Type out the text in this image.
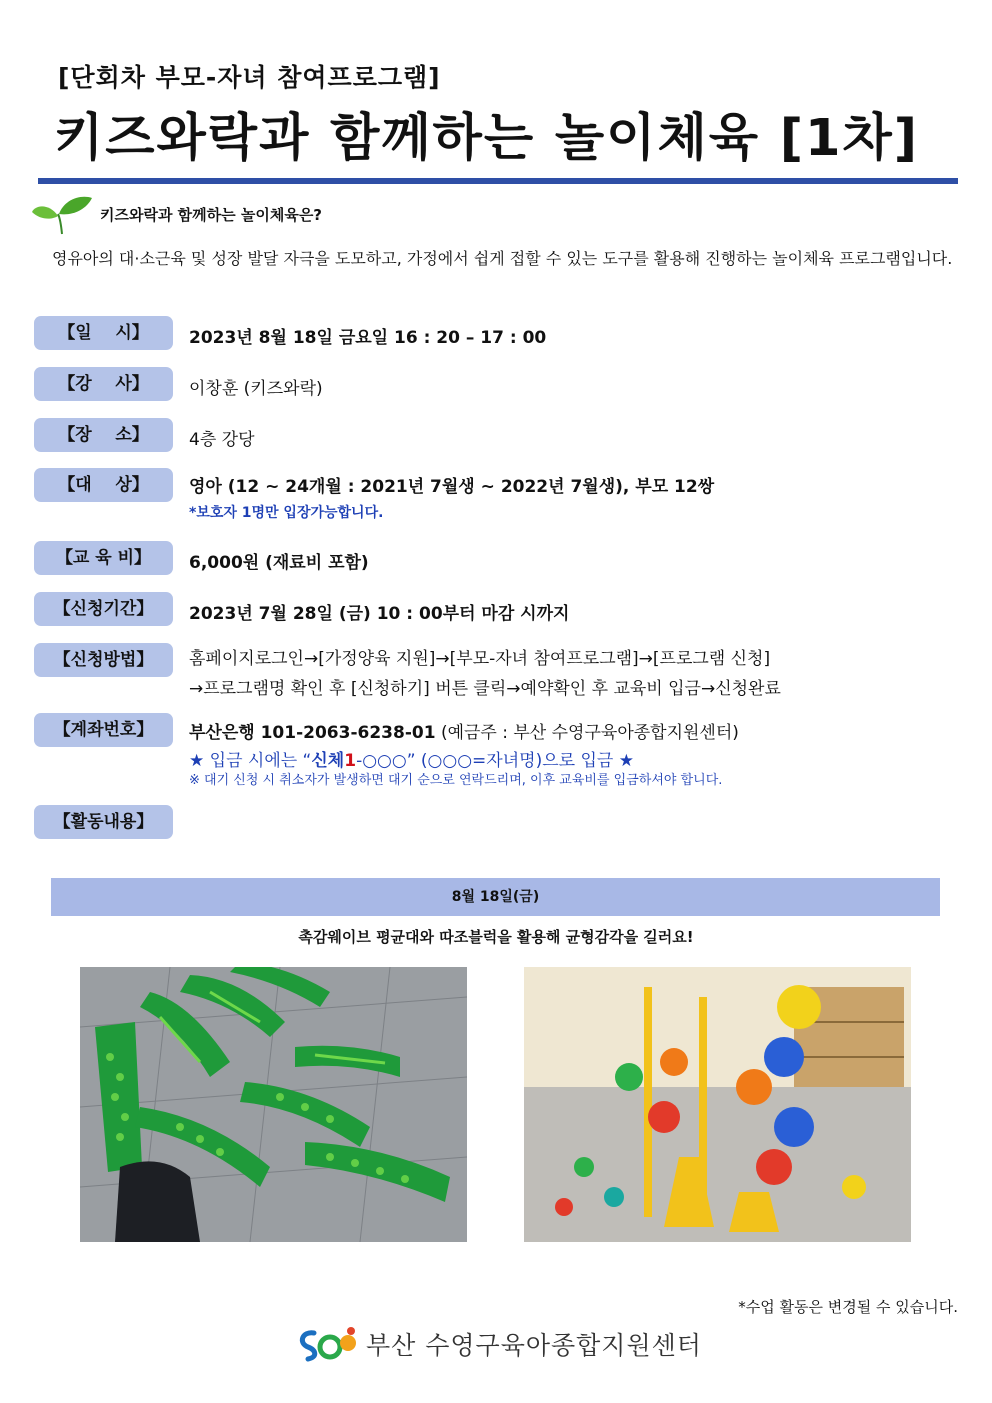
[단회차 부모-자녀 참여프로그램]
키즈와락과 함께하는 놀이체육 [1차]
키즈와락과 함께하는 놀이체육은?
영유아의 대·소근육 및 성장 발달 자극을 도모하고, 가정에서 쉽게 접할 수 있는 도구를 활용해 진행하는 놀이체육 프로그램입니다.
【일    시】	2023년 8월 18일 금요일 16 : 20 – 17 : 00
【강    사】	이창훈 (키즈와락)
【장    소】	4층 강당
【대    상】	영아 (12 ~ 24개월 : 2021년 7월생 ~ 2022년 7월생), 부모 12쌍
*보호자 1명만 입장가능합니다.
【교 육 비】	6,000원 (재료비 포함)
【신청기간】	2023년 7월 28일 (금) 10 : 00부터 마감 시까지
【신청방법】	홈페이지로그인→[가정양육 지원]→[부모-자녀 참여프로그램]→[프로그램 신청]
→프로그램명 확인 후 [신청하기] 버튼 클릭→예약확인 후 교육비 입금→신청완료
【계좌번호】	부산은행 101-2063-6238-01 (예금주 : 부산 수영구육아종합지원센터)
★ 입금 시에는 “신체1-○○○” (○○○=자녀명)으로 입금 ★
※ 대기 신청 시 취소자가 발생하면 대기 순으로 연락드리며, 이후 교육비를 입금하셔야 합니다.
【활동내용】
8월 18일(금)
촉감웨이브 평균대와 따조블럭을 활용해 균형감각을 길러요!
*수업 활동은 변경될 수 있습니다.
부산 수영구육아종합지원센터
